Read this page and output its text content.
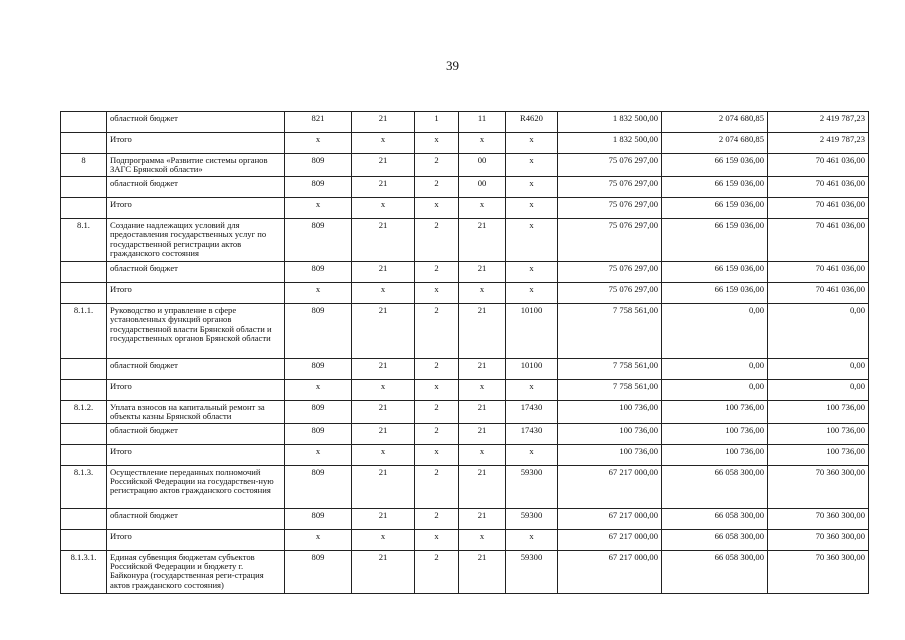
39
	областной бюджет	821	21	1	11	R4620	1 832 500,00	2 074 680,85	2 419 787,23
	Итого	х	х	х	х	х	1 832 500,00	2 074 680,85	2 419 787,23
8	Подпрограмма «Развитие системы органов ЗАГС Брянской области»	809	21	2	00	х	75 076 297,00	66 159 036,00	70 461 036,00
	областной бюджет	809	21	2	00	х	75 076 297,00	66 159 036,00	70 461 036,00
	Итого	х	х	х	х	х	75 076 297,00	66 159 036,00	70 461 036,00
8.1.	Создание надлежащих условий для предоставления государственных услуг по государственной регистрации актов гражданского состояния	809	21	2	21	х	75 076 297,00	66 159 036,00	70 461 036,00
	областной бюджет	809	21	2	21	х	75 076 297,00	66 159 036,00	70 461 036,00
	Итого	х	х	х	х	х	75 076 297,00	66 159 036,00	70 461 036,00
8.1.1.	Руководство и управление в сфере установленных функций органов государственной власти Брянской области и государственных органов Брянской области	809	21	2	21	10100	7 758 561,00	0,00	0,00
	областной бюджет	809	21	2	21	10100	7 758 561,00	0,00	0,00
	Итого	х	х	х	х	х	7 758 561,00	0,00	0,00
8.1.2.	Уплата взносов на капитальный ремонт за объекты казны Брянской области	809	21	2	21	17430	100 736,00	100 736,00	100 736,00
	областной бюджет	809	21	2	21	17430	100 736,00	100 736,00	100 736,00
	Итого	х	х	х	х	х	100 736,00	100 736,00	100 736,00
8.1.3.	Осуществление переданных полномочий Российской Федерации на государствен-ную регистрацию актов гражданского состояния	809	21	2	21	59300	67 217 000,00	66 058 300,00	70 360 300,00
	областной бюджет	809	21	2	21	59300	67 217 000,00	66 058 300,00	70 360 300,00
	Итого	х	х	х	х	х	67 217 000,00	66 058 300,00	70 360 300,00
8.1.3.1.	Единая субвенция бюджетам субъектов Российской Федерации и бюджету г. Байконура (государственная реги-страция актов гражданского состояния)	809	21	2	21	59300	67 217 000,00	66 058 300,00	70 360 300,00
